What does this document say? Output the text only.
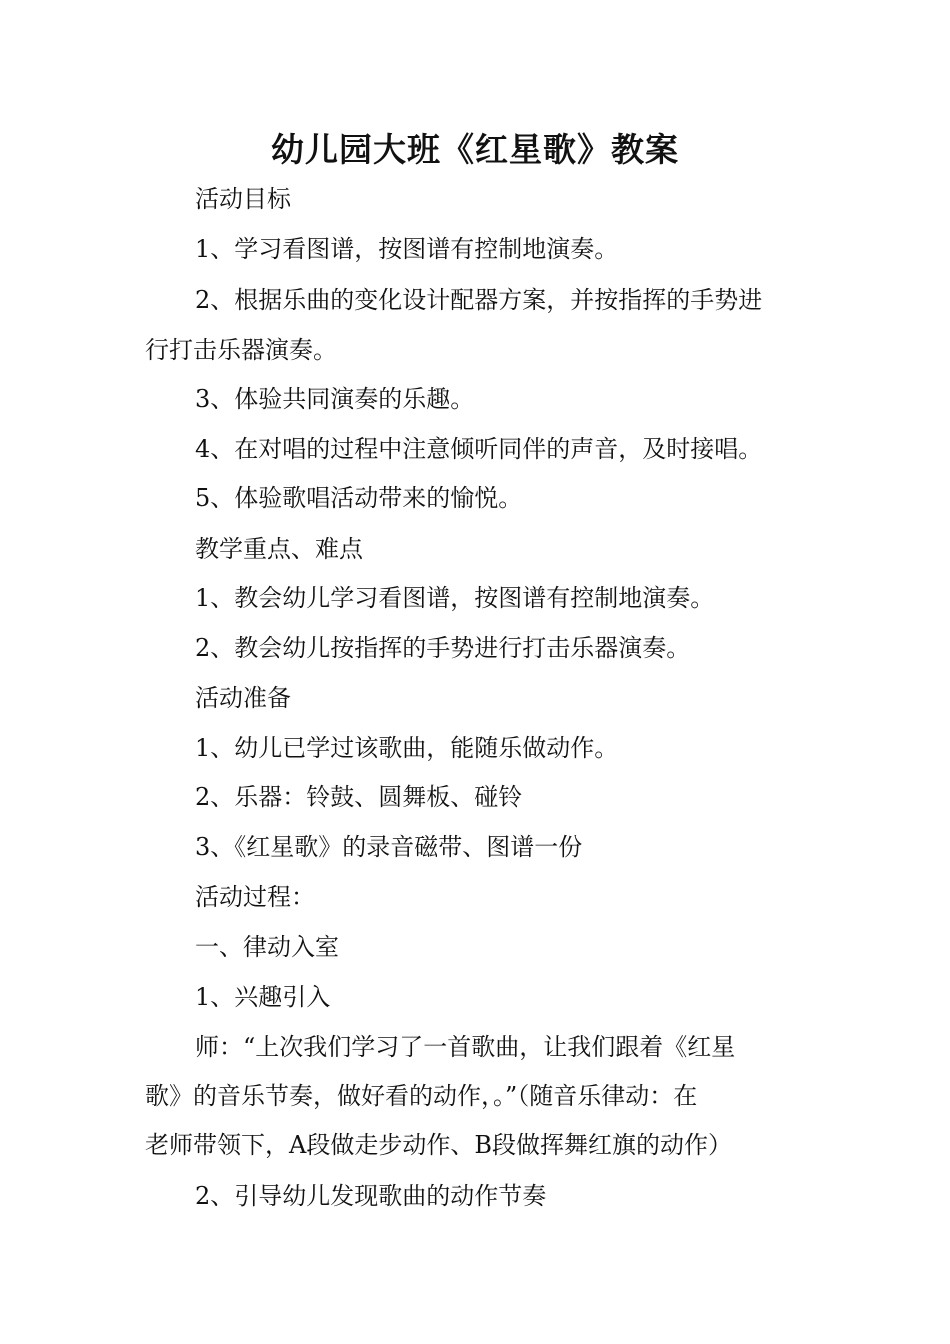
幼儿园大班《红星歌》教案
活动目标
1、学习看图谱，按图谱有控制地演奏。
2、根据乐曲的变化设计配器方案，并按指挥的手势进
行打击乐器演奏。
3、体验共同演奏的乐趣。
4、在对唱的过程中注意倾听同伴的声音，及时接唱。
5、体验歌唱活动带来的愉悦。
教学重点、难点
1、教会幼儿学习看图谱，按图谱有控制地演奏。
2、教会幼儿按指挥的手势进行打击乐器演奏。
活动准备
1、幼儿已学过该歌曲，能随乐做动作。
2、乐器：铃鼓、圆舞板、碰铃
3、《红星歌》的录音磁带、图谱一份
活动过程：
一、律动入室
1、兴趣引入
师：“上次我们学习了一首歌曲，让我们跟着《红星
歌》的音乐节奏，做好看的动作，。”（随音乐律动：在
老师带领下，A段做走步动作、B段做挥舞红旗的动作）
2、引导幼儿发现歌曲的动作节奏
